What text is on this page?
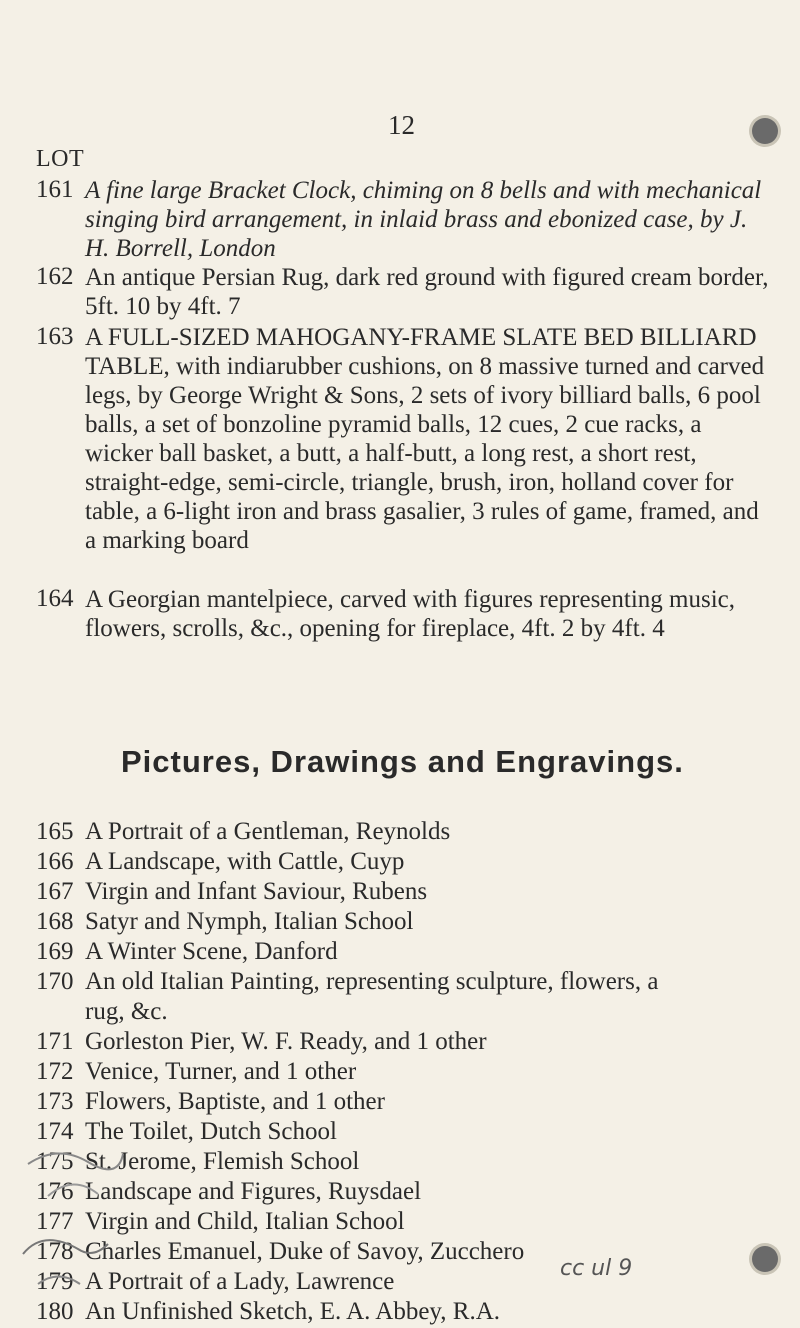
12
LOT
161 A fine large Bracket Clock, chiming on 8 bells and with mechanical singing bird arrangement, in inlaid brass and ebonized case, by J. H. Borrell, London
162 An antique Persian Rug, dark red ground with figured cream border, 5ft. 10 by 4ft. 7
163 A FULL-SIZED MAHOGANY-FRAME SLATE BED BILLIARD TABLE, with indiarubber cushions, on 8 massive turned and carved legs, by George Wright & Sons, 2 sets of ivory billiard balls, 6 pool balls, a set of bonzoline pyramid balls, 12 cues, 2 cue racks, a wicker ball basket, a butt, a half-butt, a long rest, a short rest, straight-edge, semi-circle, triangle, brush, iron, holland cover for table, a 6-light iron and brass gasalier, 3 rules of game, framed, and a marking board
164 A Georgian mantelpiece, carved with figures representing music, flowers, scrolls, &c., opening for fireplace, 4ft. 2 by 4ft. 4
Pictures, Drawings and Engravings.
165 A Portrait of a Gentleman, Reynolds
166 A Landscape, with Cattle, Cuyp
167 Virgin and Infant Saviour, Rubens
168 Satyr and Nymph, Italian School
169 A Winter Scene, Danford
170 An old Italian Painting, representing sculpture, flowers, a
rug, &c.
171 Gorleston Pier, W. F. Ready, and 1 other
172 Venice, Turner, and 1 other
173 Flowers, Baptiste, and 1 other
174 The Toilet, Dutch School
175 St. Jerome, Flemish School
176 Landscape and Figures, Ruysdael
177 Virgin and Child, Italian School
178 Charles Emanuel, Duke of Savoy, Zucchero
179 A Portrait of a Lady, Lawrence
180 An Unfinished Sketch, E. A. Abbey, R.A.
cc ul 9
